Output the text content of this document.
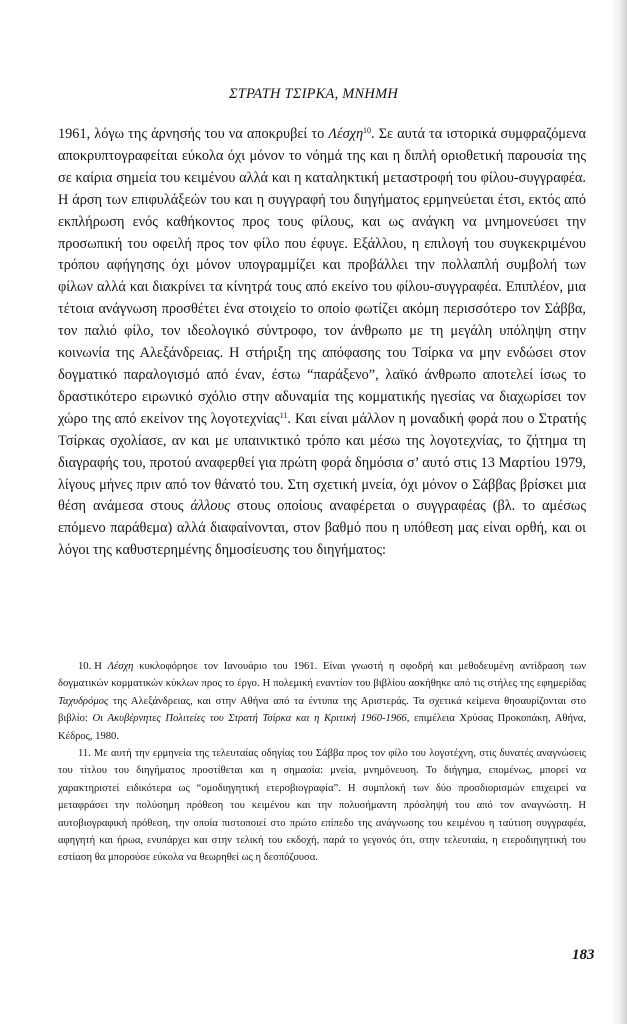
ΣΤΡΑΤΗ ΤΣΙΡΚΑ, ΜΝΗΜΗ

1961, λόγω της άρνησής του να αποκρυβεί το Λέσχη$^{10}$. Σε αυτά τα ιστορικά συμφραζόμενα αποκρυπτογραφείται εύκολα όχι μόνον το νόημά της και η διπλή οριοθετική παρουσία της σε καίρια σημεία του κειμένου αλλά και η καταληκτική μεταστροφή του φίλου-συγγραφέα. Η άρση των επιφυλάξεών του και η συγγραφή του διηγήματος ερμηνεύεται έτσι, εκτός από εκπλήρωση ενός καθήκοντος προς τους φίλους, και ως ανάγκη να μνημονεύσει την προσωπική του οφειλή προς τον φίλο που έφυγε. Εξάλλου, η επιλογή του συγκεκριμένου τρόπου αφήγησης όχι μόνον υπογραμμίζει και προβάλλει την πολλαπλή συμβολή των φίλων αλλά και διακρίνει τα κίνητρά τους από εκείνο του φίλου-συγγραφέα. Επιπλέον, μια τέτοια ανάγνωση προσθέτει ένα στοιχείο το οποίο φωτίζει ακόμη περισσότερο τον Σάββα, τον παλιό φίλο, τον ιδεολογικό σύντροφο, τον άνθρωπο με τη μεγάλη υπόληψη στην κοινωνία της Αλεξάνδρειας. Η στήριξη της απόφασης του Τσίρκα να μην ενδώσει στον δογματικό παραλογισμό από έναν, έστω “παράξενο”, λαϊκό άνθρωπο αποτελεί ίσως το δραστικότερο ειρωνικό σχόλιο στην αδυναμία της κομματικής ηγεσίας να διαχωρίσει τον χώρο της από εκείνον της λογοτεχνίας$^{11}$. Και είναι μάλλον η μοναδική φορά που ο Στρατής Τσίρκας σχολίασε, αν και με υπαινικτικό τρόπο και μέσω της λογοτεχνίας, το ζήτημα τη διαγραφής του, προτού αναφερθεί για πρώτη φορά δημόσια σ’ αυτό στις 13 Μαρτίου 1979, λίγους μήνες πριν από τον θάνατό του. Στη σχετική μνεία, όχι μόνον ο Σάββας βρίσκει μια θέση ανάμεσα στους άλλους στους οποίους αναφέρεται ο συγγραφέας (βλ. το αμέσως επόμενο παράθεμα) αλλά διαφαίνονται, στον βαθμό που η υπόθεση μας είναι ορθή, και οι λόγοι της καθυστερημένης δημοσίευσης του διηγήματος:

10. Η Λέσχη κυκλοφόρησε τον Ιανουάριο του 1961. Είναι γνωστή η σφοδρή και μεθοδευμένη αντίδραση των δογματικών κομματικών κύκλων προς το έργο. Η πολεμική εναντίον του βιβλίου ασκήθηκε από τις στήλες της εφημερίδας Ταχυδρόμος της Αλεξάνδρειας, και στην Αθήνα από τα έντυπα της Αριστεράς. Τα σχετικά κείμενα θησαυρίζονται στο βιβλίο: Οι Ακυβέρνητες Πολιτείες του Στρατή Τσίρκα και η Κριτική 1960-1966, επιμέλεια Χρύσας Προκοπάκη, Αθήνα, Κέδρος, 1980.

11. Με αυτή την ερμηνεία της τελευταίας οδηγίας του Σάββα προς τον φίλο του λογοτέχνη, στις δυνατές αναγνώσεις του τίτλου του διηγήματος προστίθεται και η σημασία: μνεία, μνημόνευση. Το διήγημα, επομένως, μπορεί να χαρακτηριστεί ειδικότερα ως “ομοδιηγητική ετεροβιογραφία”. Η συμπλοκή των δύο προσδιορισμών επιχειρεί να μεταφράσει την πολύσημη πρόθεση του κειμένου και την πολυσήμαντη πρόσληψή του από τον αναγνώστη. Η αυτοβιογραφική πρόθεση, την οποία πιστοποιεί στο πρώτο επίπεδο της ανάγνωσης του κειμένου η ταύτιση συγγραφέα, αφηγητή και ήρωα, ενυπάρχει και στην τελική του εκδοχή, παρά το γεγονός ότι, στην τελευταία, η ετεροδιηγητική του εστίαση θα μπορούσε εύκολα να θεωρηθεί ως η δεσπόζουσα.

183
